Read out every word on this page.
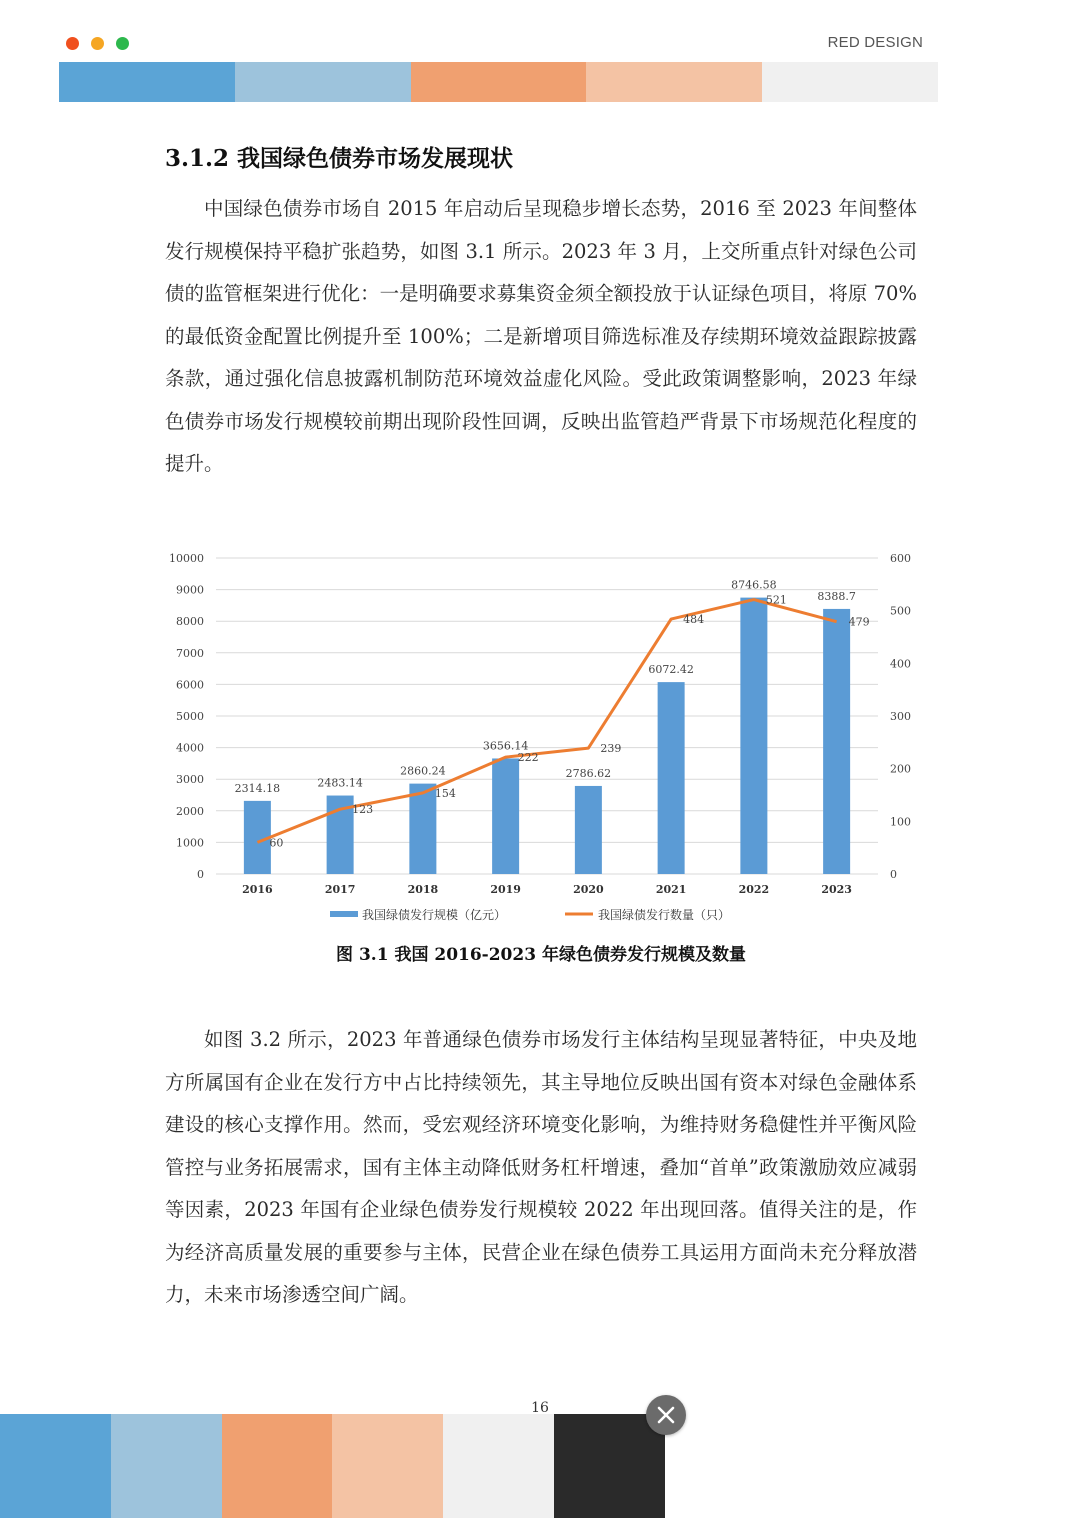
RED DESIGN
3.1.2 我国绿色债券市场发展现状

中国绿色债券市场自 2015 年启动后呈现稳步增长态势，2016 至 2023 年间整体发行规模保持平稳扩张趋势，如图 3.1 所示。2023 年 3 月，上交所重点针对绿色公司债的监管框架进行优化：一是明确要求募集资金须全额投放于认证绿色项目，将原 70%的最低资金配置比例提升至 100%；二是新增项目筛选标准及存续期环境效益跟踪披露条款，通过强化信息披露机制防范环境效益虚化风险。受此政策调整影响，2023 年绿色债券市场发行规模较前期出现阶段性回调，反映出监管趋严背景下市场规范化程度的提升。

0
1000
2000
3000
4000
5000
6000
7000
8000
9000
10000
0
100
200
300
400
500
600
2314.18	2483.14
2860.24
3656.14
2786.62
6072.42
8746.58
8388.7
60
123
154
222
239
484
521
479
2016	2017	2018	2019	2020	2021	2022	2023
我国绿债发行规模（亿元）	我国绿债发行数量（只）
图 3.1 我国 2016-2023 年绿色债券发行规模及数量

如图 3.2 所示，2023 年普通绿色债券市场发行主体结构呈现显著特征，中央及地方所属国有企业在发行方中占比持续领先，其主导地位反映出国有资本对绿色金融体系建设的核心支撑作用。然而，受宏观经济环境变化影响，为维持财务稳健性并平衡风险管控与业务拓展需求，国有主体主动降低财务杠杆增速，叠加“首单”政策激励效应减弱等因素，2023 年国有企业绿色债券发行规模较 2022 年出现回落。值得关注的是，作为经济高质量发展的重要参与主体，民营企业在绿色债券工具运用方面尚未充分释放潜力，未来市场渗透空间广阔。

16
